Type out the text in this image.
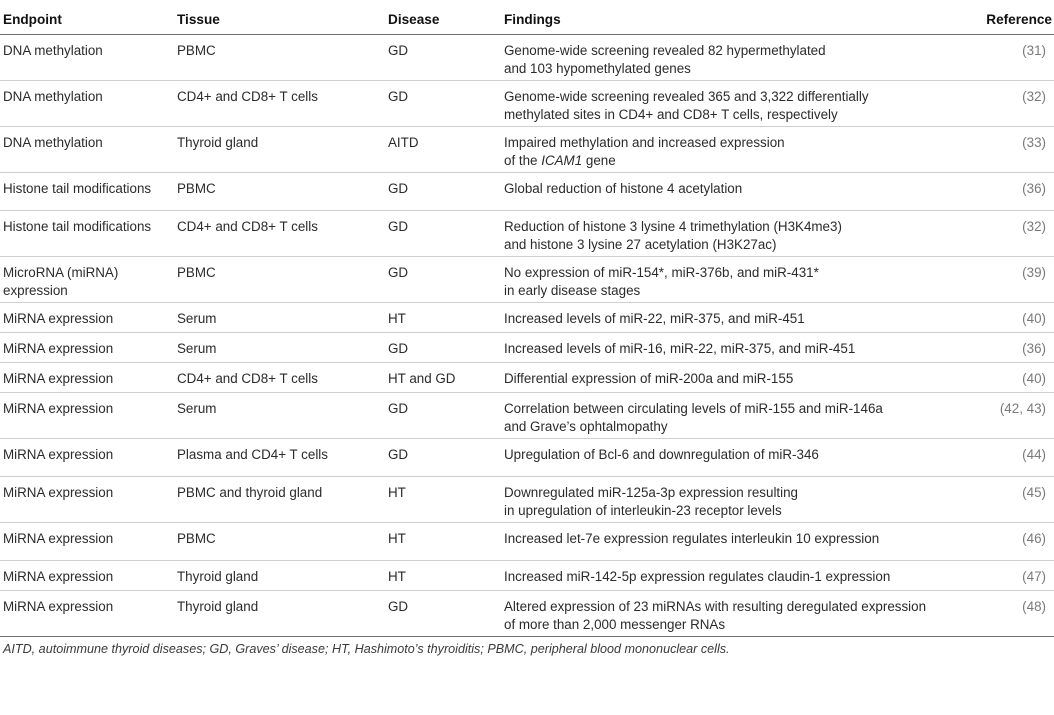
Endpoint	Tissue	Disease	Findings	Reference

DNA methylation	PBMC	GD	Genome-wide screening revealed 82 hypermethylated
and 103 hypomethylated genes	(31)

DNA methylation	CD4+ and CD8+ T cells	GD	Genome-wide screening revealed 365 and 3,322 differentially
methylated sites in CD4+ and CD8+ T cells, respectively	(32)

DNA methylation	Thyroid gland	AITD	Impaired methylation and increased expression
of the ICAM1 gene	(33)

Histone tail modifications	PBMC	GD	Global reduction of histone 4 acetylation	(36)

Histone tail modifications	CD4+ and CD8+ T cells	GD	Reduction of histone 3 lysine 4 trimethylation (H3K4me3)
and histone 3 lysine 27 acetylation (H3K27ac)	(32)

MicroRNA (miRNA)
expression	PBMC	GD	No expression of miR-154*, miR-376b, and miR-431*
in early disease stages	(39)

MiRNA expression	Serum	HT	Increased levels of miR-22, miR-375, and miR-451	(40)

MiRNA expression	Serum	GD	Increased levels of miR-16, miR-22, miR-375, and miR-451	(36)

MiRNA expression	CD4+ and CD8+ T cells	HT and GD	Differential expression of miR-200a and miR-155	(40)

MiRNA expression	Serum	GD	Correlation between circulating levels of miR-155 and miR-146a
and Grave’s ophtalmopathy	(42, 43)

MiRNA expression	Plasma and CD4+ T cells	GD	Upregulation of Bcl-6 and downregulation of miR-346	(44)

MiRNA expression	PBMC and thyroid gland	HT	Downregulated miR-125a-3p expression resulting
in upregulation of interleukin-23 receptor levels	(45)

MiRNA expression	PBMC	HT	Increased let-7e expression regulates interleukin 10 expression	(46)

MiRNA expression	Thyroid gland	HT	Increased miR-142-5p expression regulates claudin-1 expression	(47)

MiRNA expression	Thyroid gland	GD	Altered expression of 23 miRNAs with resulting deregulated expression
of more than 2,000 messenger RNAs	(48)
AITD, autoimmune thyroid diseases; GD, Graves’ disease; HT, Hashimoto’s thyroiditis; PBMC, peripheral blood mononuclear cells.
